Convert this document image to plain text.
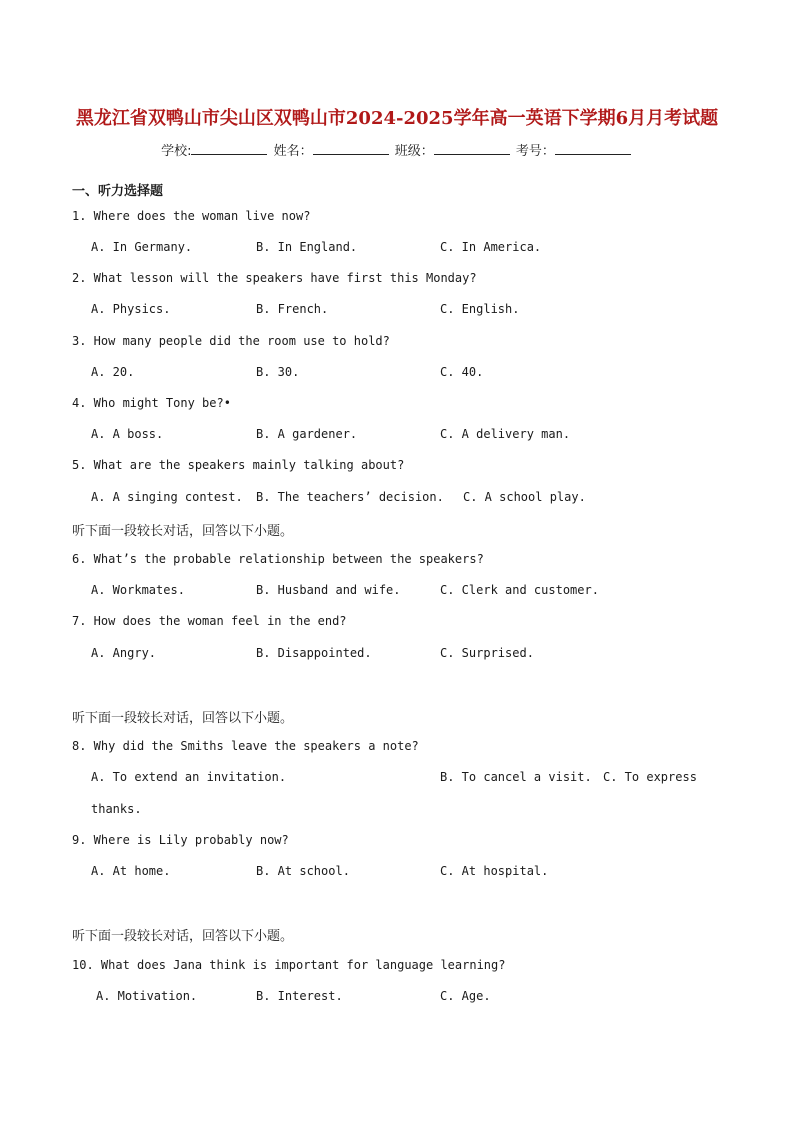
黑龙江省双鸭山市尖山区双鸭山市2024-2025学年高一英语下学期6月月考试题
学校:	姓名：	班级：	考号：
一、听力选择题
1. Where does the woman live now?
A. In Germany.	B. In England.	C. In America.
2. What lesson will the speakers have first this Monday?
A. Physics.	B. French.	C. English.
3. How many people did the room use to hold?
A. 20.	B. 30.	C. 40.
4. Who might Tony be?•
A. A boss.	B. A gardener.	C. A delivery man.
5. What are the speakers mainly talking about?
A. A singing contest. B. The teachers’ decision. C. A school play.
听下面一段较长对话，回答以下小题。
6. What’s the probable relationship between the speakers?
A. Workmates.	B. Husband and wife.	C. Clerk and customer.
7. How does the woman feel in the end?
A. Angry.	B. Disappointed.	C. Surprised.
听下面一段较长对话，回答以下小题。
8. Why did the Smiths leave the speakers a note?
A. To extend an invitation.	B. To cancel a visit. C. To express
thanks.
9. Where is Lily probably now?
A. At home.	B. At school.	C. At hospital.
听下面一段较长对话，回答以下小题。
10. What does Jana think is important for language learning?
A. Motivation.	B. Interest.	C. Age.
